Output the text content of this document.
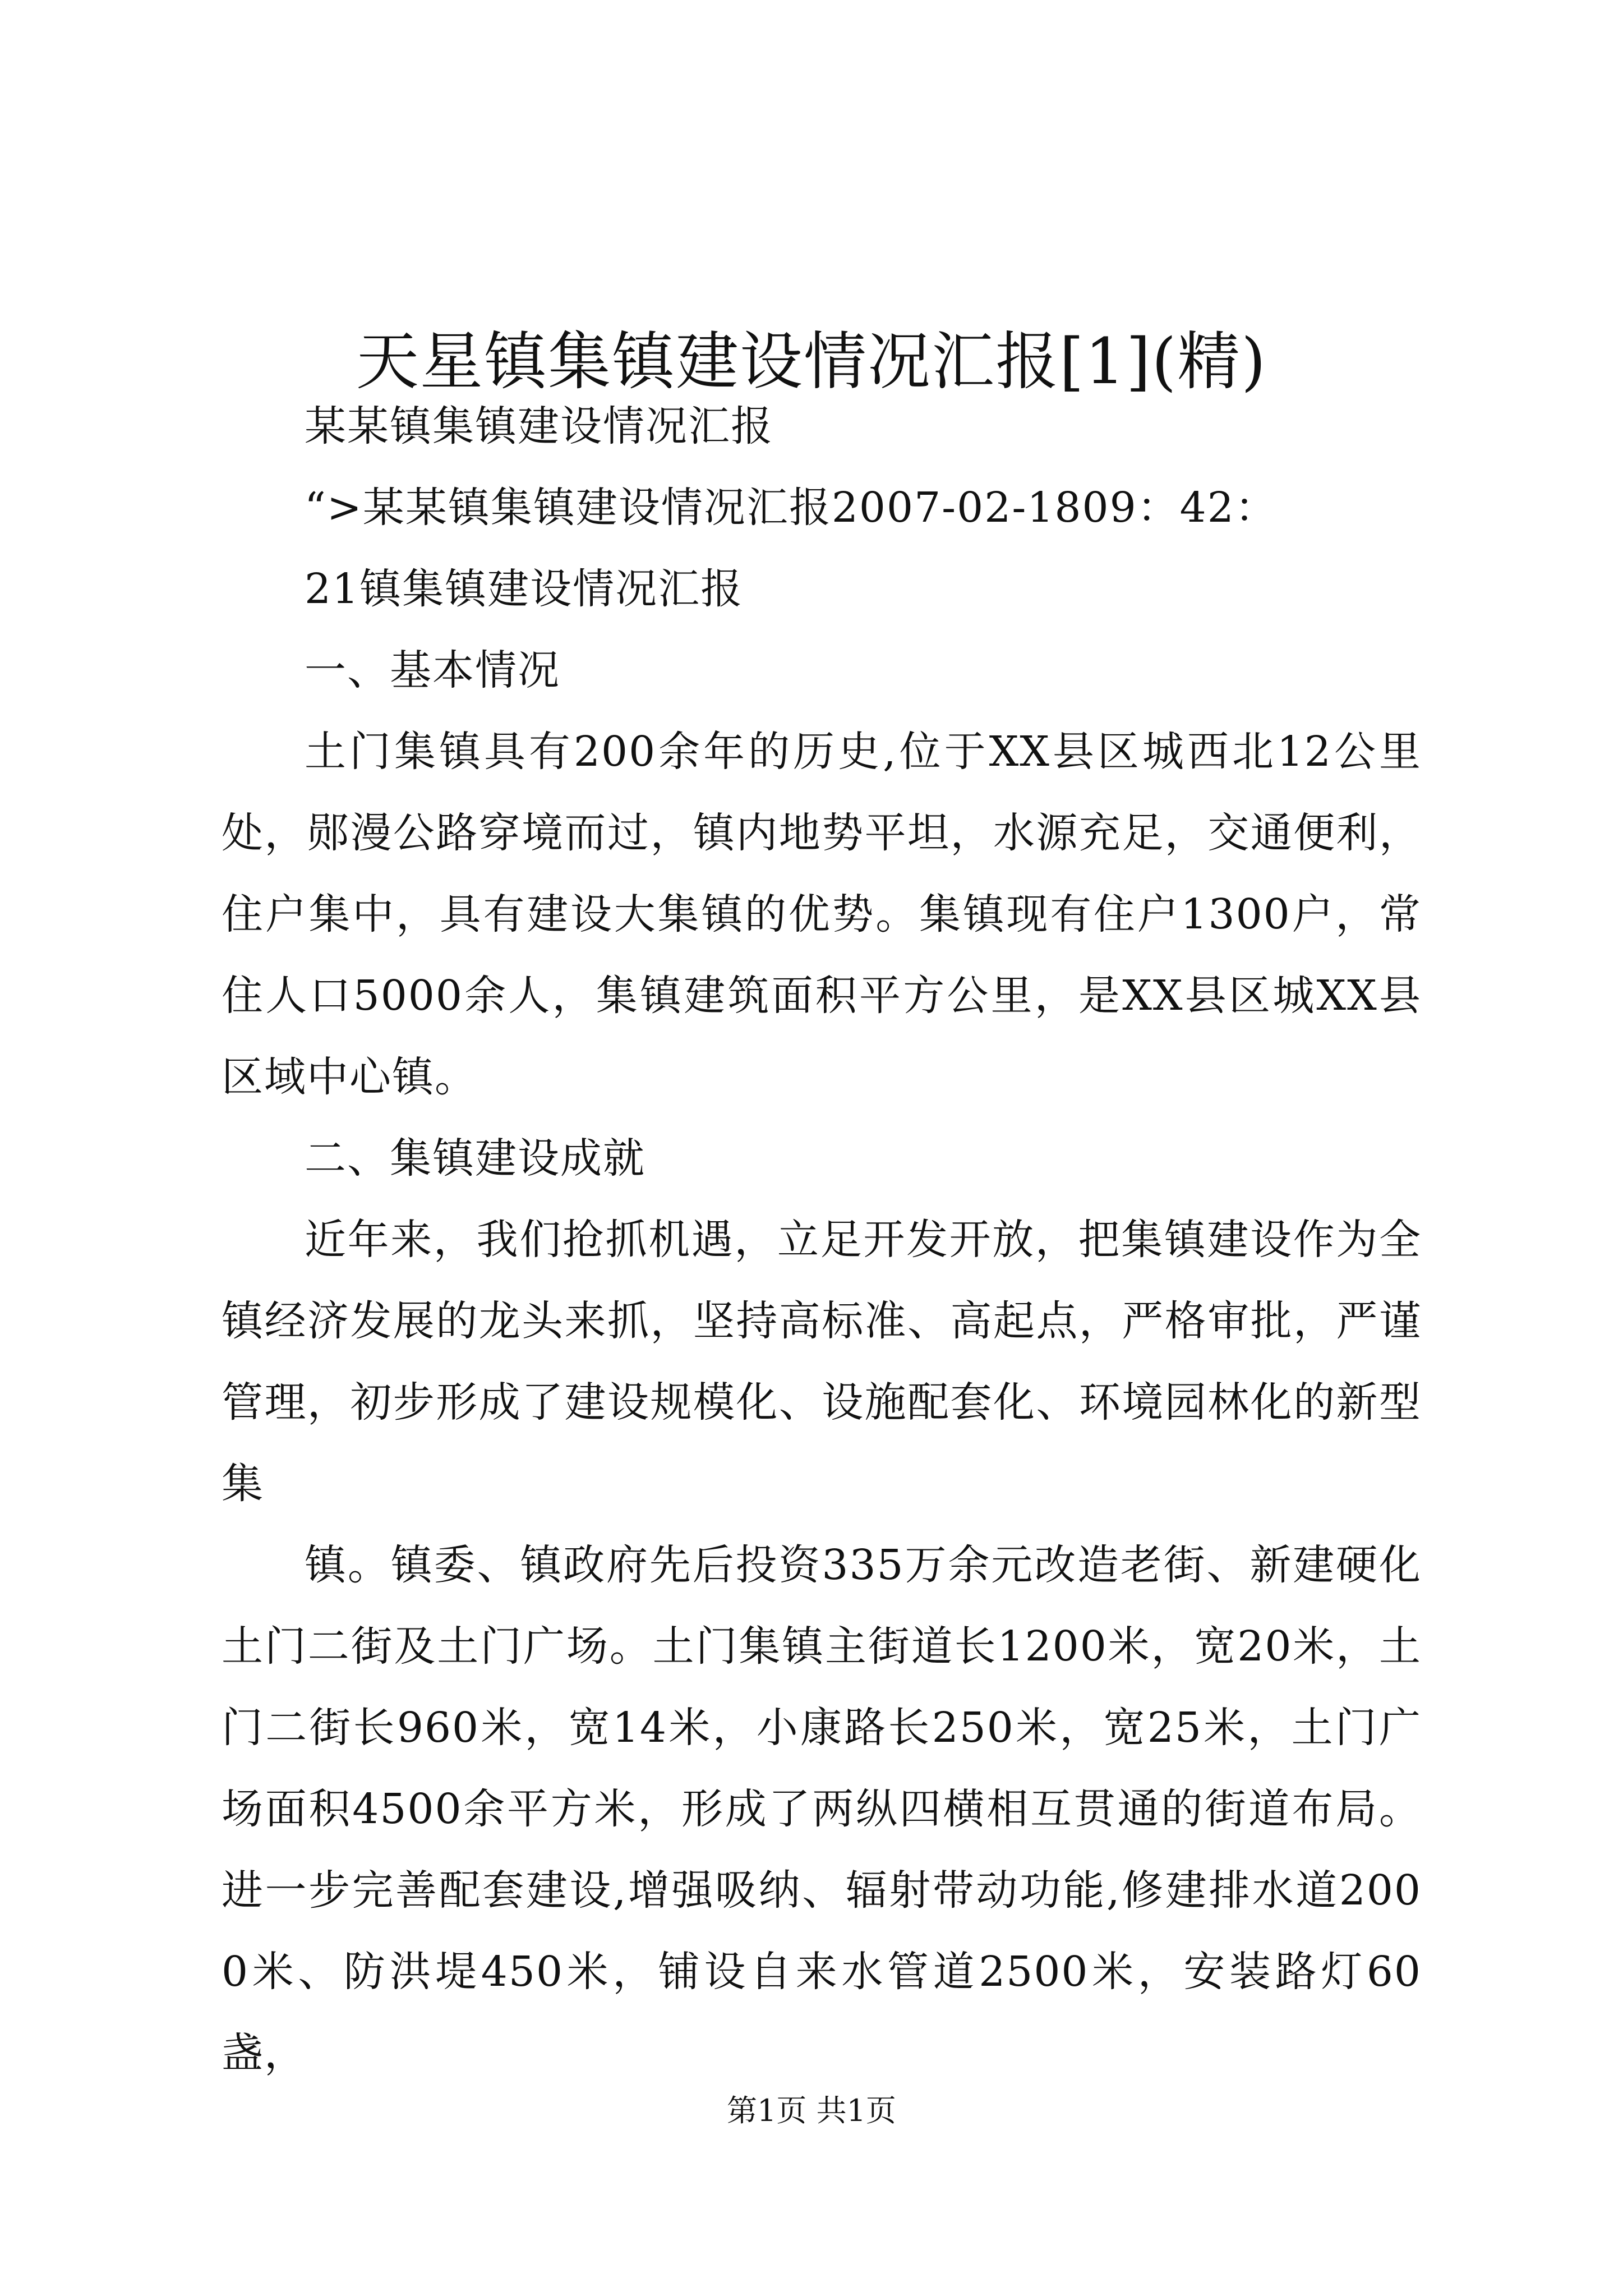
天星镇集镇建设情况汇报[1](精)

某某镇集镇建设情况汇报

“>某某镇集镇建设情况汇报2007-02-1809：42：

21镇集镇建设情况汇报

一、基本情况

土门集镇具有200余年的历史,位于XX县区城西北12公里处，郧漫公路穿境而过，镇内地势平坦，水源充足，交通便利，住户集中，具有建设大集镇的优势。集镇现有住户1300户，常住人口5000余人，集镇建筑面积平方公里，是XX县区城XX县区域中心镇。

二、集镇建设成就

近年来，我们抢抓机遇，立足开发开放，把集镇建设作为全镇经济发展的龙头来抓，坚持高标准、高起点，严格审批，严谨管理，初步形成了建设规模化、设施配套化、环境园林化的新型集

镇。镇委、镇政府先后投资335万余元改造老街、新建硬化土门二街及土门广场。土门集镇主街道长1200米，宽20米，土门二街长960米，宽14米，小康路长250米，宽25米，土门广场面积4500余平方米，形成了两纵四横相互贯通的街道布局。进一步完善配套建设,增强吸纳、辐射带动功能,修建排水道2000米、防洪堤450米，铺设自来水管道2500米，安装路灯60盏，

第1页 共1页
